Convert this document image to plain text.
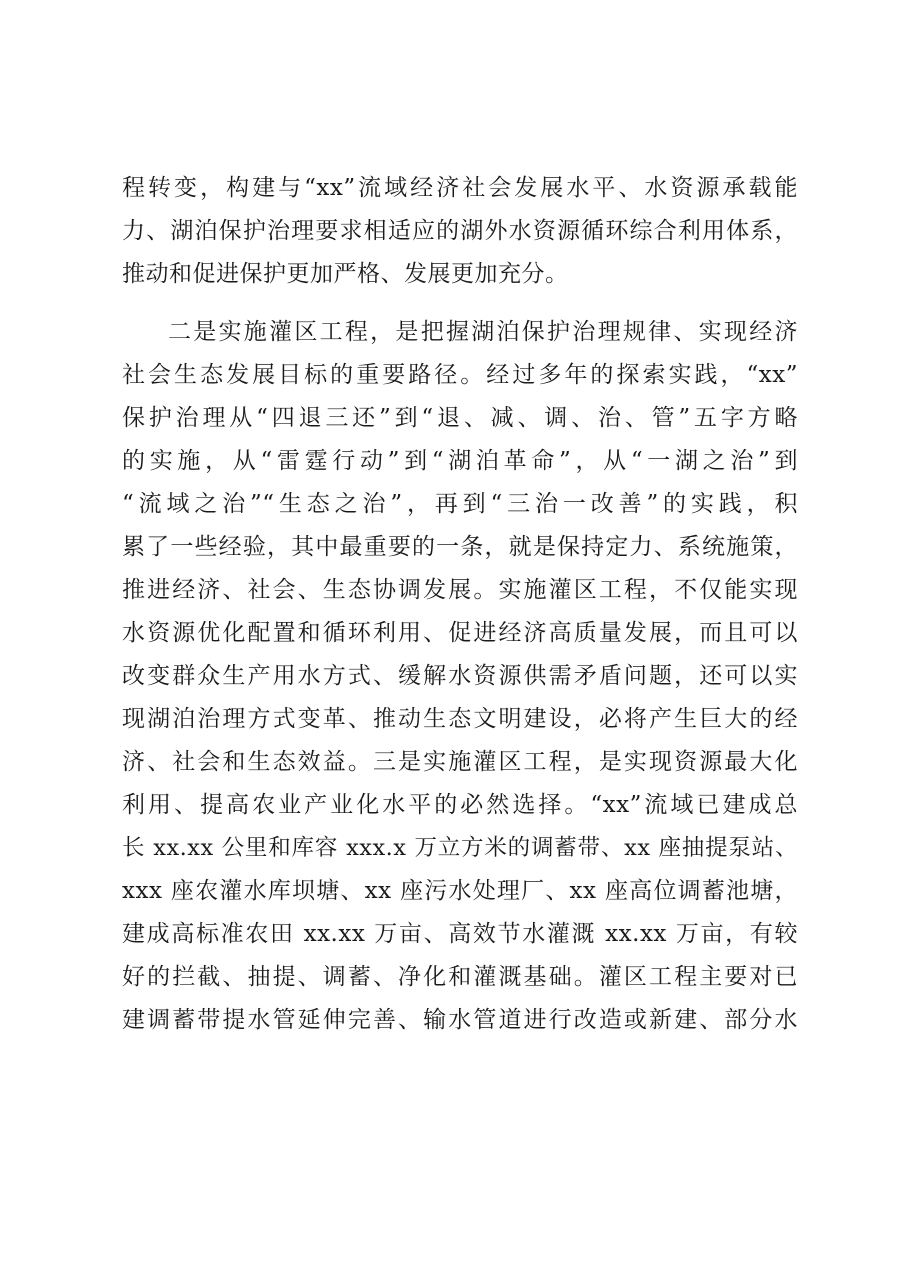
程转变，构建与“xx”流域经济社会发展水平、水资源承载能
力、湖泊保护治理要求相适应的湖外水资源循环综合利用体系，
推动和促进保护更加严格、发展更加充分。
二是实施灌区工程，是把握湖泊保护治理规律、实现经济
社会生态发展目标的重要路径。经过多年的探索实践，“xx”
保护治理从“四退三还”到“退、减、调、治、管”五字方略
的实施，从“雷霆行动”到“湖泊革命”，从“一湖之治”到
“流域之治”“生态之治”，再到“三治一改善”的实践，积
累了一些经验，其中最重要的一条，就是保持定力、系统施策，
推进经济、社会、生态协调发展。实施灌区工程，不仅能实现
水资源优化配置和循环利用、促进经济高质量发展，而且可以
改变群众生产用水方式、缓解水资源供需矛盾问题，还可以实
现湖泊治理方式变革、推动生态文明建设，必将产生巨大的经
济、社会和生态效益。三是实施灌区工程，是实现资源最大化
利用、提高农业产业化水平的必然选择。“xx”流域已建成总
长 xx.xx 公里和库容 xxx.x 万立方米的调蓄带、xx 座抽提泵站、
xxx 座农灌水库坝塘、xx 座污水处理厂、xx 座高位调蓄池塘，
建成高标准农田 xx.xx 万亩、高效节水灌溉 xx.xx 万亩，有较
好的拦截、抽提、调蓄、净化和灌溉基础。灌区工程主要对已
建调蓄带提水管延伸完善、输水管道进行改造或新建、部分水
